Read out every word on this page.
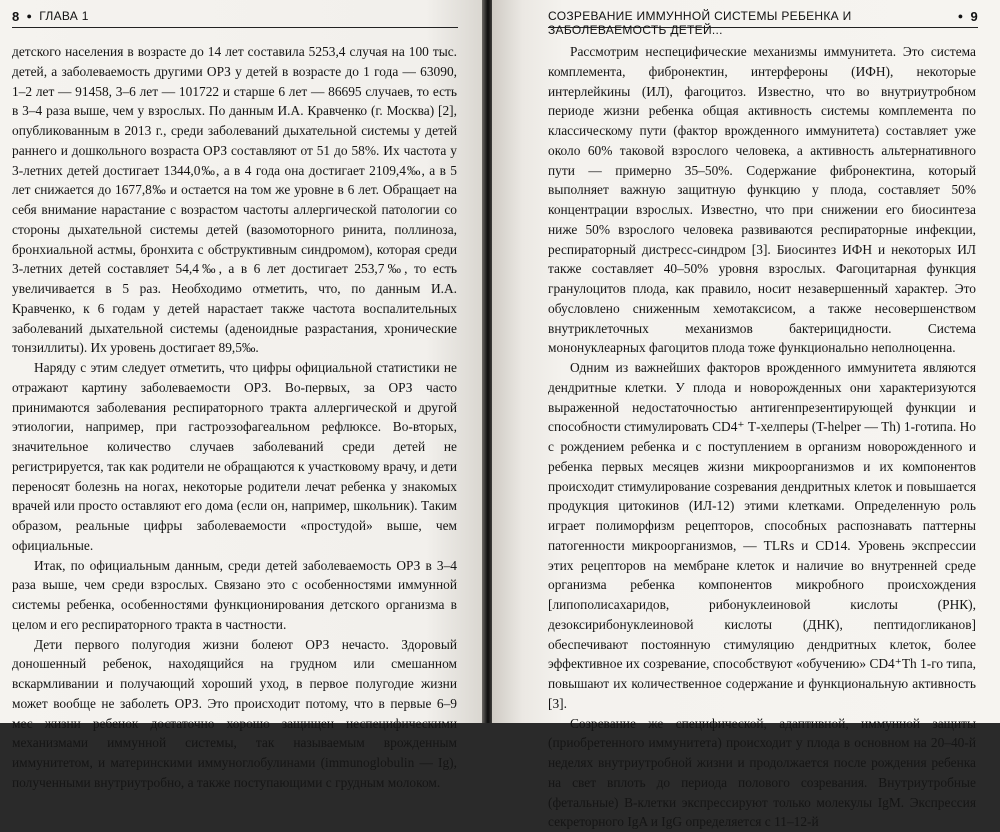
8 ● ГЛАВА 1

детского населения в возрасте до 14 лет составила 5253,4 случая на 100 тыс. детей, а заболеваемость другими ОРЗ у детей в возрасте до 1 года — 63090, 1–2 лет — 91458, 3–6 лет — 101722 и старше 6 лет — 86695 случаев, то есть в 3–4 раза выше, чем у взрослых. По данным И.А. Кравченко (г. Москва) [2], опубликованным в 2013 г., среди заболеваний дыхательной системы у детей раннего и дошкольного возраста ОРЗ составляют от 51 до 58%. Их частота у 3-летних детей достигает 1344,0‰, а в 4 года она достигает 2109,4‰, а в 5 лет снижается до 1677,8‰ и остается на том же уровне в 6 лет. Обращает на себя внимание нарастание с возрастом частоты аллергической патологии со стороны дыхательной системы детей (вазомоторного ринита, поллиноза, бронхиальной астмы, бронхита с обструктивным синдромом), которая среди 3-летних детей составляет 54,4‰, а в 6 лет достигает 253,7‰, то есть увеличивается в 5 раз. Необходимо отметить, что, по данным И.А. Кравченко, к 6 годам у детей нарастает также частота воспалительных заболеваний дыхательной системы (аденоидные разрастания, хронические тонзиллиты). Их уровень достигает 89,5‰.

Наряду с этим следует отметить, что цифры официальной статистики не отражают картину заболеваемости ОРЗ. Во-первых, за ОРЗ часто принимаются заболевания респираторного тракта аллергической и другой этиологии, например, при гастроэзофагеальном рефлюксе. Во-вторых, значительное количество случаев заболеваний среди детей не регистрируется, так как родители не обращаются к участковому врачу, и дети переносят болезнь на ногах, некоторые родители лечат ребенка у знакомых врачей или просто оставляют его дома (если он, например, школьник). Таким образом, реальные цифры заболеваемости «простудой» выше, чем официальные.

Итак, по официальным данным, среди детей заболеваемость ОРЗ в 3–4 раза выше, чем среди взрослых. Связано это с особенностями иммунной системы ребенка, особенностями функционирования детского организма в целом и его респираторного тракта в частности.

Дети первого полугодия жизни болеют ОРЗ нечасто. Здоровый доношенный ребенок, находящийся на грудном или смешанном вскармливании и получающий хороший уход, в первое полугодие жизни может вообще не заболеть ОРЗ. Это происходит потому, что в первые 6–9 мес жизни ребенок достаточно хорошо защищен неспецифическими механизмами иммунной системы, так называемым врожденным иммунитетом, и материнскими иммуноглобулинами (immunoglobulin — Ig), полученными внутриутробно, а также поступающими с грудным молоком.

СОЗРЕВАНИЕ ИММУННОЙ СИСТЕМЫ РЕБЕНКА И ЗАБОЛЕВАЕМОСТЬ ДЕТЕЙ...
● 9

Рассмотрим неспецифические механизмы иммунитета. Это система комплемента, фибронектин, интерфероны (ИФН), некоторые интерлейкины (ИЛ), фагоцитоз. Известно, что во внутриутробном периоде жизни ребенка общая активность системы комплемента по классическому пути (фактор врожденного иммунитета) составляет уже около 60% таковой взрослого человека, а активность альтернативного пути — примерно 35–50%. Содержание фибронектина, который выполняет важную защитную функцию у плода, составляет 50% концентрации взрослых. Известно, что при снижении его биосинтеза ниже 50% взрослого человека развиваются респираторные инфекции, респираторный дистресс-синдром [3]. Биосинтез ИФН и некоторых ИЛ также составляет 40–50% уровня взрослых. Фагоцитарная функция гранулоцитов плода, как правило, носит незавершенный характер. Это обусловлено сниженным хемотаксисом, а также несовершенством внутриклеточных механизмов бактерицидности. Система мононуклеарных фагоцитов плода тоже функционально неполноценна.

Одним из важнейших факторов врожденного иммунитета являются дендритные клетки. У плода и новорожденных они характеризуются выраженной недостаточностью антигенпрезентирующей функции и способности стимулировать CD4⁺ Т-хелперы (T-helper — Th) 1-готипа. Но с рождением ребенка и с поступлением в организм новорожденного и ребенка первых месяцев жизни микроорганизмов и их компонентов происходит стимулирование созревания дендритных клеток и повышается продукция цитокинов (ИЛ-12) этими клетками. Определенную роль играет полиморфизм рецепторов, способных распознавать паттерны патогенности микроорганизмов, — TLRs и CD14. Уровень экспрессии этих рецепторов на мембране клеток и наличие во внутренней среде организма ребенка компонентов микробного происхождения [липополисахаридов, рибонуклеиновой кислоты (РНК), дезоксирибонуклеиновой кислоты (ДНК), пептидогликанов] обеспечивают постоянную стимуляцию дендритных клеток, более эффективное их созревание, способствуют «обучению» CD4⁺Th 1-го типа, повышают их количественное содержание и функциональную активность [3].

Созревание же специфической, адаптивной, иммунной защиты (приобретенного иммунитета) происходит у плода в основном на 20–40-й неделях внутриутробной жизни и продолжается после рождения ребенка на свет вплоть до периода полового созревания. Внутриутробные (фетальные) В-клетки экспрессируют только молекулы IgM. Экспрессия секреторного IgA и IgG определяется с 11–12-й
